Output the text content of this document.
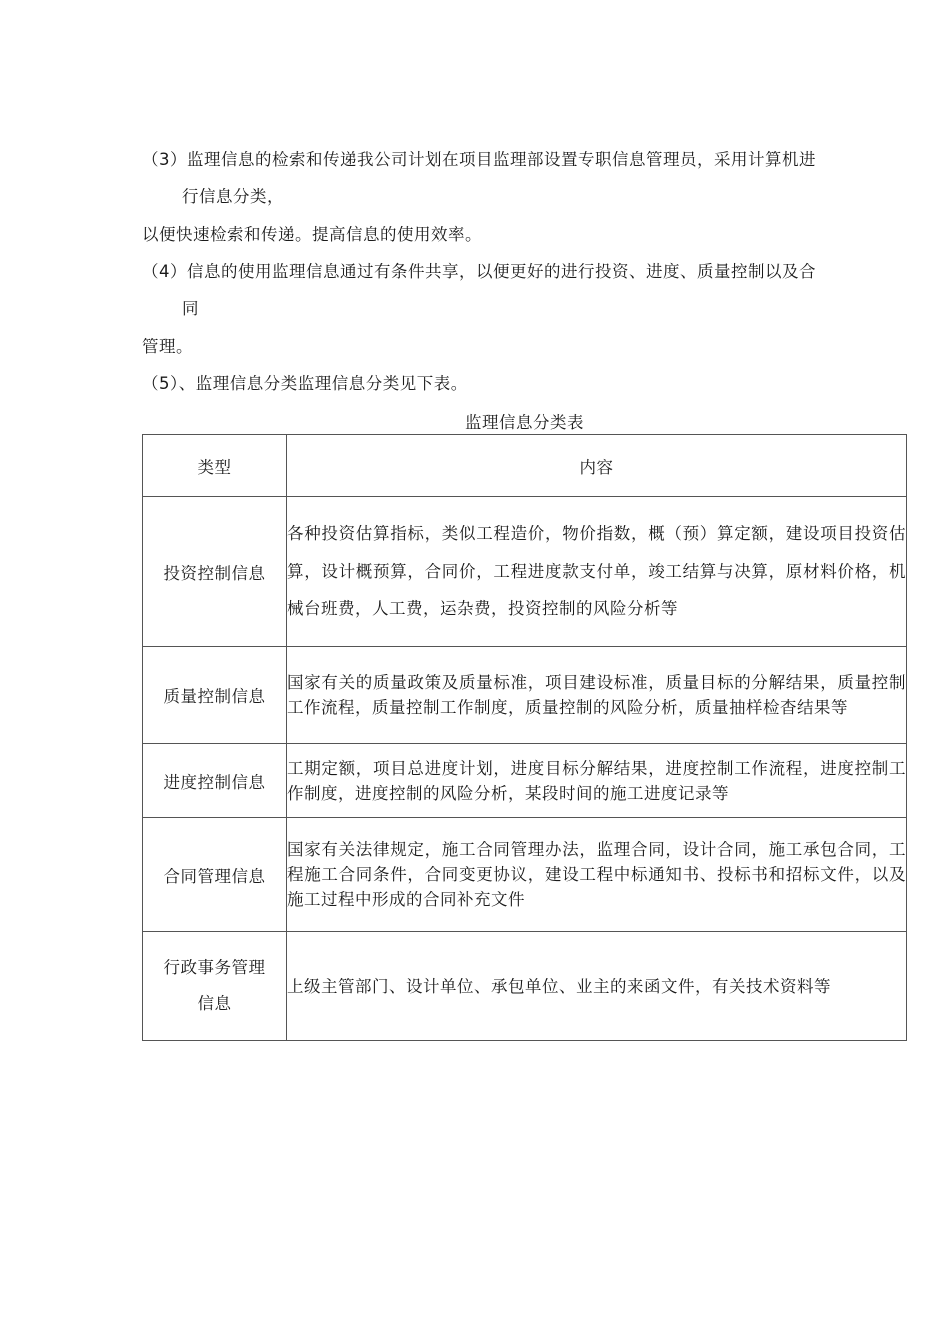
（3）监理信息的检索和传递我公司计划在项目监理部设置专职信息管理员，采用计算机进
行信息分类，
以便快速检索和传递。提高信息的使用效率。
（4）信息的使用监理信息通过有条件共享，以便更好的进行投资、进度、质量控制以及合
同
管理。
（5）、监理信息分类监理信息分类见下表。
监理信息分类表
类型	内容
投资控制信息	各种投资估算指标，类似工程造价，物价指数，概（预）算定额，建设项目投资估算，设计概预算，合同价，工程进度款支付单，竣工结算与决算，原材料价格，机械台班费，人工费，运杂费，投资控制的风险分析等
质量控制信息	国家有关的质量政策及质量标准，项目建设标准，质量目标的分解结果，质量控制工作流程，质量控制工作制度，质量控制的风险分析，质量抽样检杳结果等
进度控制信息	工期定额，项目总进度计划，进度目标分解结果，进度控制工作流程，进度控制工作制度，进度控制的风险分析，某段时间的施工进度记录等
合同管理信息	国家有关法律规定，施工合同管理办法，监理合同，设计合同，施工承包合同，工程施工合同条件，合同变更协议，建设工程中标通知书、投标书和招标文件，以及施工过程中形成的合同补充文件

行政事务管理
信息	上级主管部门、设计单位、承包单位、业主的来函文件，有关技术资料等
